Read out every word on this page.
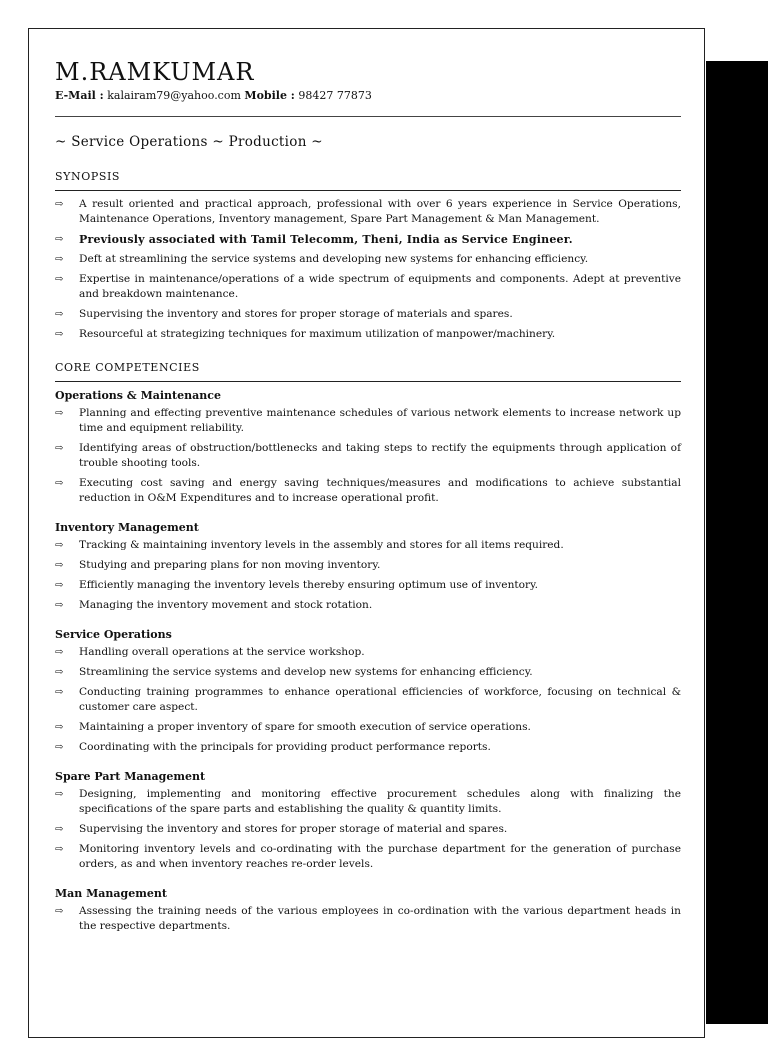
M.RAMKUMAR
E-Mail : kalairam79@yahoo.com Mobile : 98427 77873
~ Service Operations ~ Production ~
SYNOPSIS
⇨ A result oriented and practical approach, professional with over 6 years experience in Service Operations, Maintenance Operations, Inventory management, Spare Part Management & Man Management.
⇨ Previously associated with Tamil Telecomm, Theni, India as Service Engineer.
⇨ Deft at streamlining the service systems and developing new systems for enhancing efficiency.
⇨ Expertise in maintenance/operations of a wide spectrum of equipments and components. Adept at preventive and breakdown maintenance.
⇨ Supervising the inventory and stores for proper storage of materials and spares.
⇨ Resourceful at strategizing techniques for maximum utilization of manpower/machinery.
CORE COMPETENCIES
Operations & Maintenance
⇨ Planning and effecting preventive maintenance schedules of various network elements to increase network up time and equipment reliability.
⇨ Identifying areas of obstruction/bottlenecks and taking steps to rectify the equipments through application of trouble shooting tools.
⇨ Executing cost saving and energy saving techniques/measures and modifications to achieve substantial reduction in O&M Expenditures and to increase operational profit.
Inventory Management
⇨ Tracking & maintaining inventory levels in the assembly and stores for all items required.
⇨ Studying and preparing plans for non moving inventory.
⇨ Efficiently managing the inventory levels thereby ensuring optimum use of inventory.
⇨ Managing the inventory movement and stock rotation.
Service Operations
⇨ Handling overall operations at the service workshop.
⇨ Streamlining the service systems and develop new systems for enhancing efficiency.
⇨ Conducting training programmes to enhance operational efficiencies of workforce, focusing on technical & customer care aspect.
⇨ Maintaining a proper inventory of spare for smooth execution of service operations.
⇨ Coordinating with the principals for providing product performance reports.
Spare Part Management
⇨ Designing, implementing and monitoring effective procurement schedules along with finalizing the specifications of the spare parts and establishing the quality & quantity limits.
⇨ Supervising the inventory and stores for proper storage of material and spares.
⇨ Monitoring inventory levels and co-ordinating with the purchase department for the generation of purchase orders, as and when inventory reaches re-order levels.
Man Management
⇨ Assessing the training needs of the various employees in co-ordination with the various department heads in the respective departments.
